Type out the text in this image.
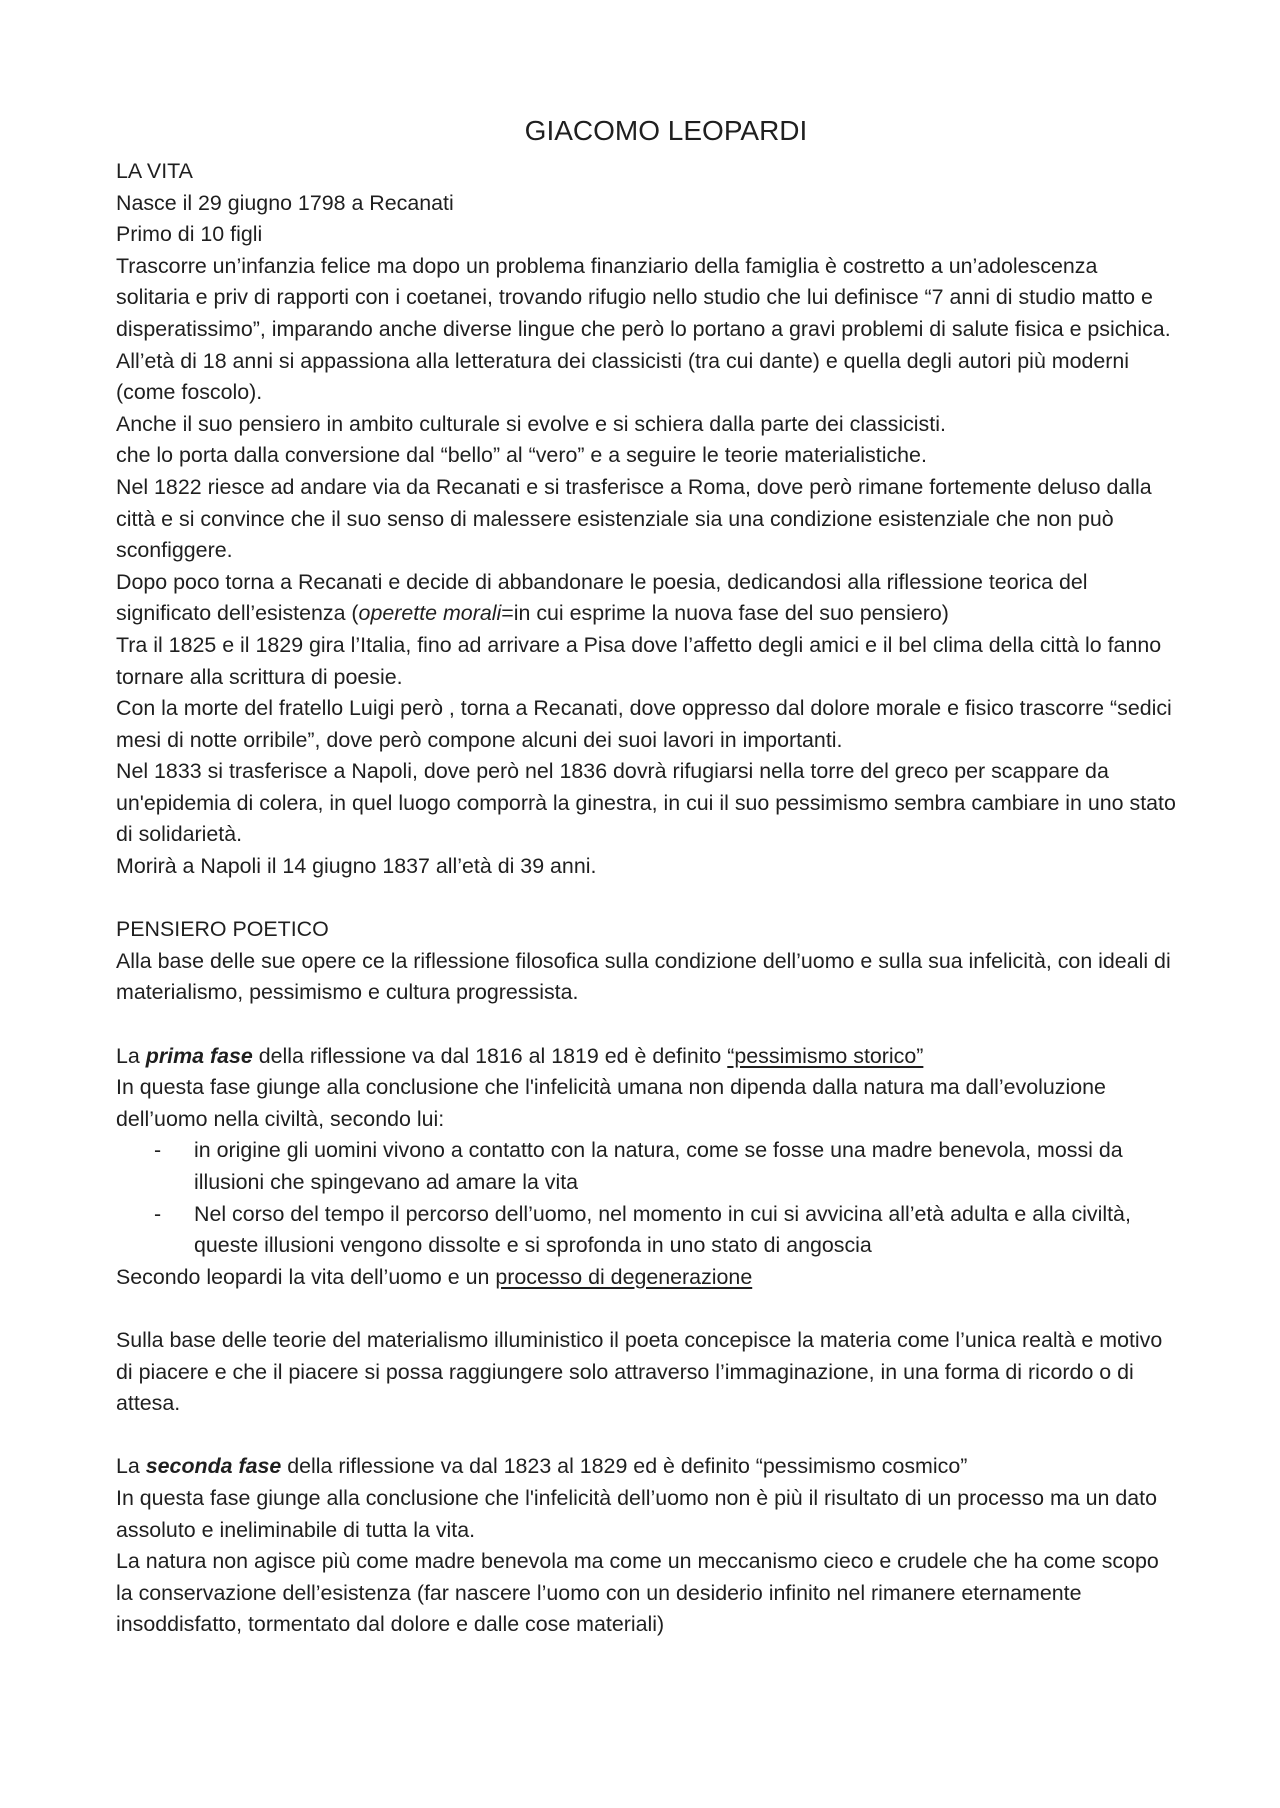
GIACOMO LEOPARDI

LA VITA

Nasce il 29 giugno 1798 a Recanati

Primo di 10 figli

Trascorre un’infanzia felice ma dopo un problema finanziario della famiglia è costretto a un’adolescenza solitaria e priv di rapporti con i coetanei, trovando rifugio nello studio che lui definisce “7 anni di studio matto e disperatissimo”, imparando anche diverse lingue che però lo portano a gravi problemi di salute fisica e psichica.

All’età di 18 anni si appassiona alla letteratura dei classicisti (tra cui dante) e quella degli autori più moderni (come foscolo).

Anche il suo pensiero in ambito culturale si evolve e si schiera dalla parte dei classicisti.

che lo porta dalla conversione dal “bello” al “vero” e a seguire le teorie materialistiche.

Nel 1822 riesce ad andare via da Recanati e si trasferisce a Roma, dove però rimane fortemente deluso dalla città e si convince che il suo senso di malessere esistenziale sia una condizione esistenziale che non può sconfiggere.

Dopo poco torna a Recanati e decide di abbandonare le poesia, dedicandosi alla riflessione teorica del significato dell’esistenza (operette morali=in cui esprime la nuova fase del suo pensiero)

Tra il 1825 e il 1829 gira l’Italia, fino ad arrivare a Pisa dove l’affetto degli amici e il bel clima della città lo fanno tornare alla scrittura di poesie.

Con la morte del fratello Luigi però , torna a Recanati, dove oppresso dal dolore morale e fisico trascorre “sedici mesi di notte orribile”, dove però compone alcuni dei suoi lavori in importanti.

Nel 1833 si trasferisce a Napoli, dove però nel 1836 dovrà rifugiarsi nella torre del greco per scappare da un'epidemia di colera, in quel luogo comporrà la ginestra, in cui il suo pessimismo sembra cambiare in uno stato di solidarietà.

Morirà a Napoli il 14 giugno 1837 all’età di 39 anni.

PENSIERO POETICO

Alla base delle sue opere ce la riflessione filosofica sulla condizione dell’uomo e sulla sua infelicità, con ideali di materialismo, pessimismo e cultura progressista.

La prima fase della riflessione va dal 1816 al 1819 ed è definito “pessimismo storico”

In questa fase giunge alla conclusione che l'infelicità umana non dipenda dalla natura ma dall’evoluzione dell’uomo nella civiltà, secondo lui:

- in origine gli uomini vivono a contatto con la natura, come se fosse una madre benevola, mossi da illusioni che spingevano ad amare la vita
- Nel corso del tempo il percorso dell’uomo, nel momento in cui si avvicina all’età adulta e alla civiltà, queste illusioni vengono dissolte e si sprofonda in uno stato di angoscia

Secondo leopardi la vita dell’uomo e un processo di degenerazione

Sulla base delle teorie del materialismo illuministico il poeta concepisce la materia come l’unica realtà e motivo di piacere e che il piacere si possa raggiungere solo attraverso l’immaginazione, in una forma di ricordo o di attesa.

La seconda fase della riflessione va dal 1823 al 1829 ed è definito “pessimismo cosmico”

In questa fase giunge alla conclusione che l'infelicità dell’uomo non è più il risultato di un processo ma un dato assoluto e ineliminabile di tutta la vita.

La natura non agisce più come madre benevola ma come un meccanismo cieco e crudele che ha come scopo la conservazione dell’esistenza (far nascere l’uomo con un desiderio infinito nel rimanere eternamente insoddisfatto, tormentato dal dolore e dalle cose materiali)
